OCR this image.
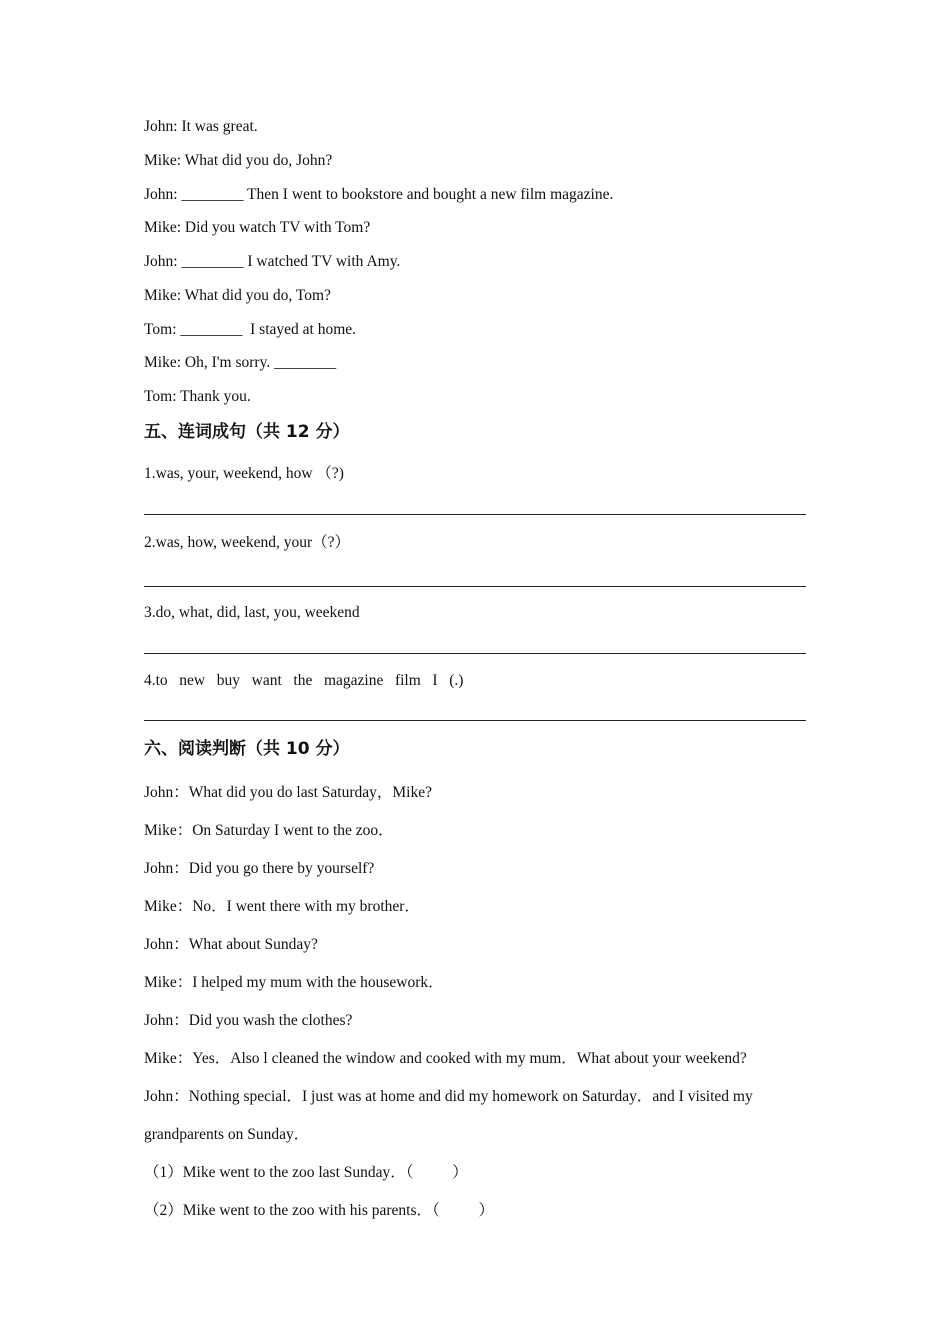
John: It was great.
Mike: What did you do, John?
John: ________ Then I went to bookstore and bought a new film magazine.
Mike: Did you watch TV with Tom?
John: ________ I watched TV with Amy.
Mike: What did you do, Tom?
Tom: ________  I stayed at home.
Mike: Oh, I'm sorry. ________
Tom: Thank you.
五、连词成句（共 12 分）
1.was, your, weekend, how （?)
2.was, how, weekend, your（?）
3.do, what, did, last, you, weekend
4.to   new   buy   want   the   magazine   film   I   (.)
六、阅读判断（共 10 分）
John：What did you do last Saturday，Mike?
Mike：On Saturday I went to the zoo．
John：Did you go there by yourself?
Mike：No．I went there with my brother．
John：What about Sunday?
Mike：I helped my mum with the housework．
John：Did you wash the clothes?
Mike：Yes．Also l cleaned the window and cooked with my mum．What about your weekend?
John：Nothing special．I just was at home and did my homework on Saturday．and I visited my
grandparents on Sunday．
（1）Mike went to the zoo last Sunday．（          ）
（2）Mike went to the zoo with his parents．（          ）
